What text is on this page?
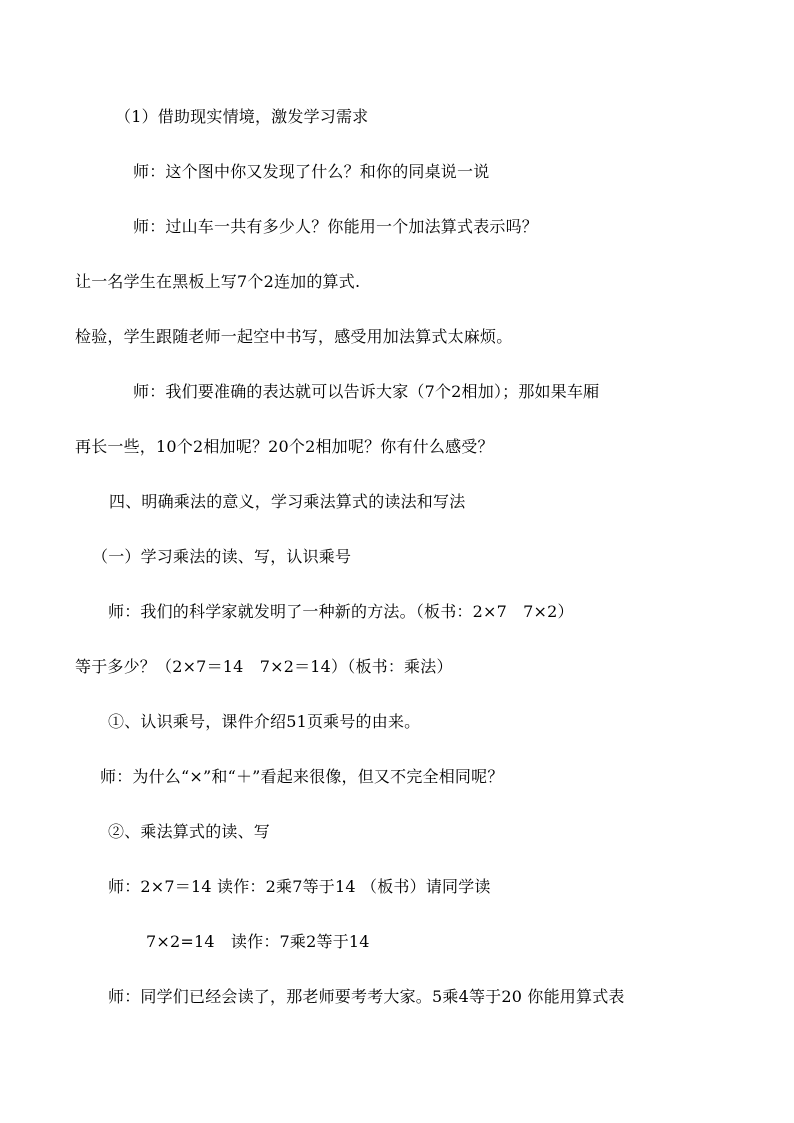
（1）借助现实情境，激发学习需求
师：这个图中你又发现了什么？和你的同桌说一说
师：过山车一共有多少人？你能用一个加法算式表示吗？
让一名学生在黑板上写7个2连加的算式.
检验，学生跟随老师一起空中书写，感受用加法算式太麻烦。
师：我们要准确的表达就可以告诉大家（7个2相加）；那如果车厢
再长一些，10个2相加呢？20个2相加呢？你有什么感受？
四、明确乘法的意义，学习乘法算式的读法和写法
（一）学习乘法的读、写，认识乘号
师：我们的科学家就发明了一种新的方法。（板书：2×7　7×2）
等于多少？（2×7＝14　7×2＝14）（板书：乘法）
①、认识乘号，课件介绍51页乘号的由来。
师：为什么“×”和“＋”看起来很像，但又不完全相同呢？
②、乘法算式的读、写
师：2×7＝14 读作：2乘7等于14 （板书）请同学读
7×2=14　读作：7乘2等于14
师：同学们已经会读了，那老师要考考大家。5乘4等于20 你能用算式表
